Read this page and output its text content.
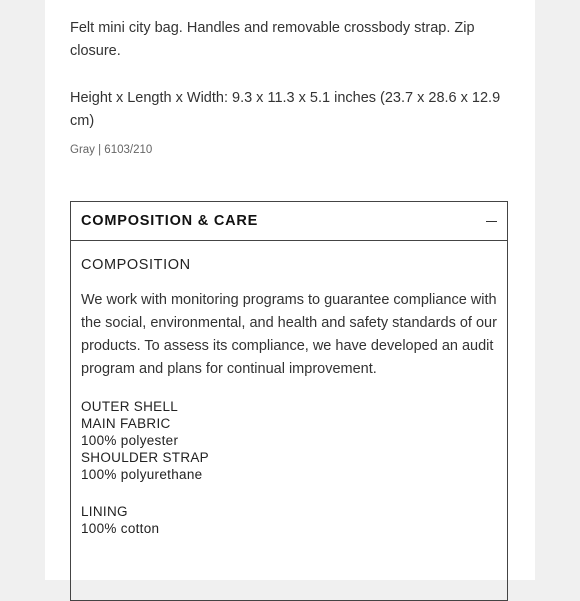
Felt mini city bag. Handles and removable crossbody strap. Zip closure.
Height x Length x Width: 9.3 x 11.3 x 5.1 inches (23.7 x 28.6 x 12.9 cm)
Gray | 6103/210
COMPOSITION & CARE
COMPOSITION
We work with monitoring programs to guarantee compliance with the social, environmental, and health and safety standards of our products. To assess its compliance, we have developed an audit program and plans for continual improvement.
OUTER SHELL
MAIN FABRIC
100% polyester
SHOULDER STRAP
100% polyurethane
LINING
100% cotton
